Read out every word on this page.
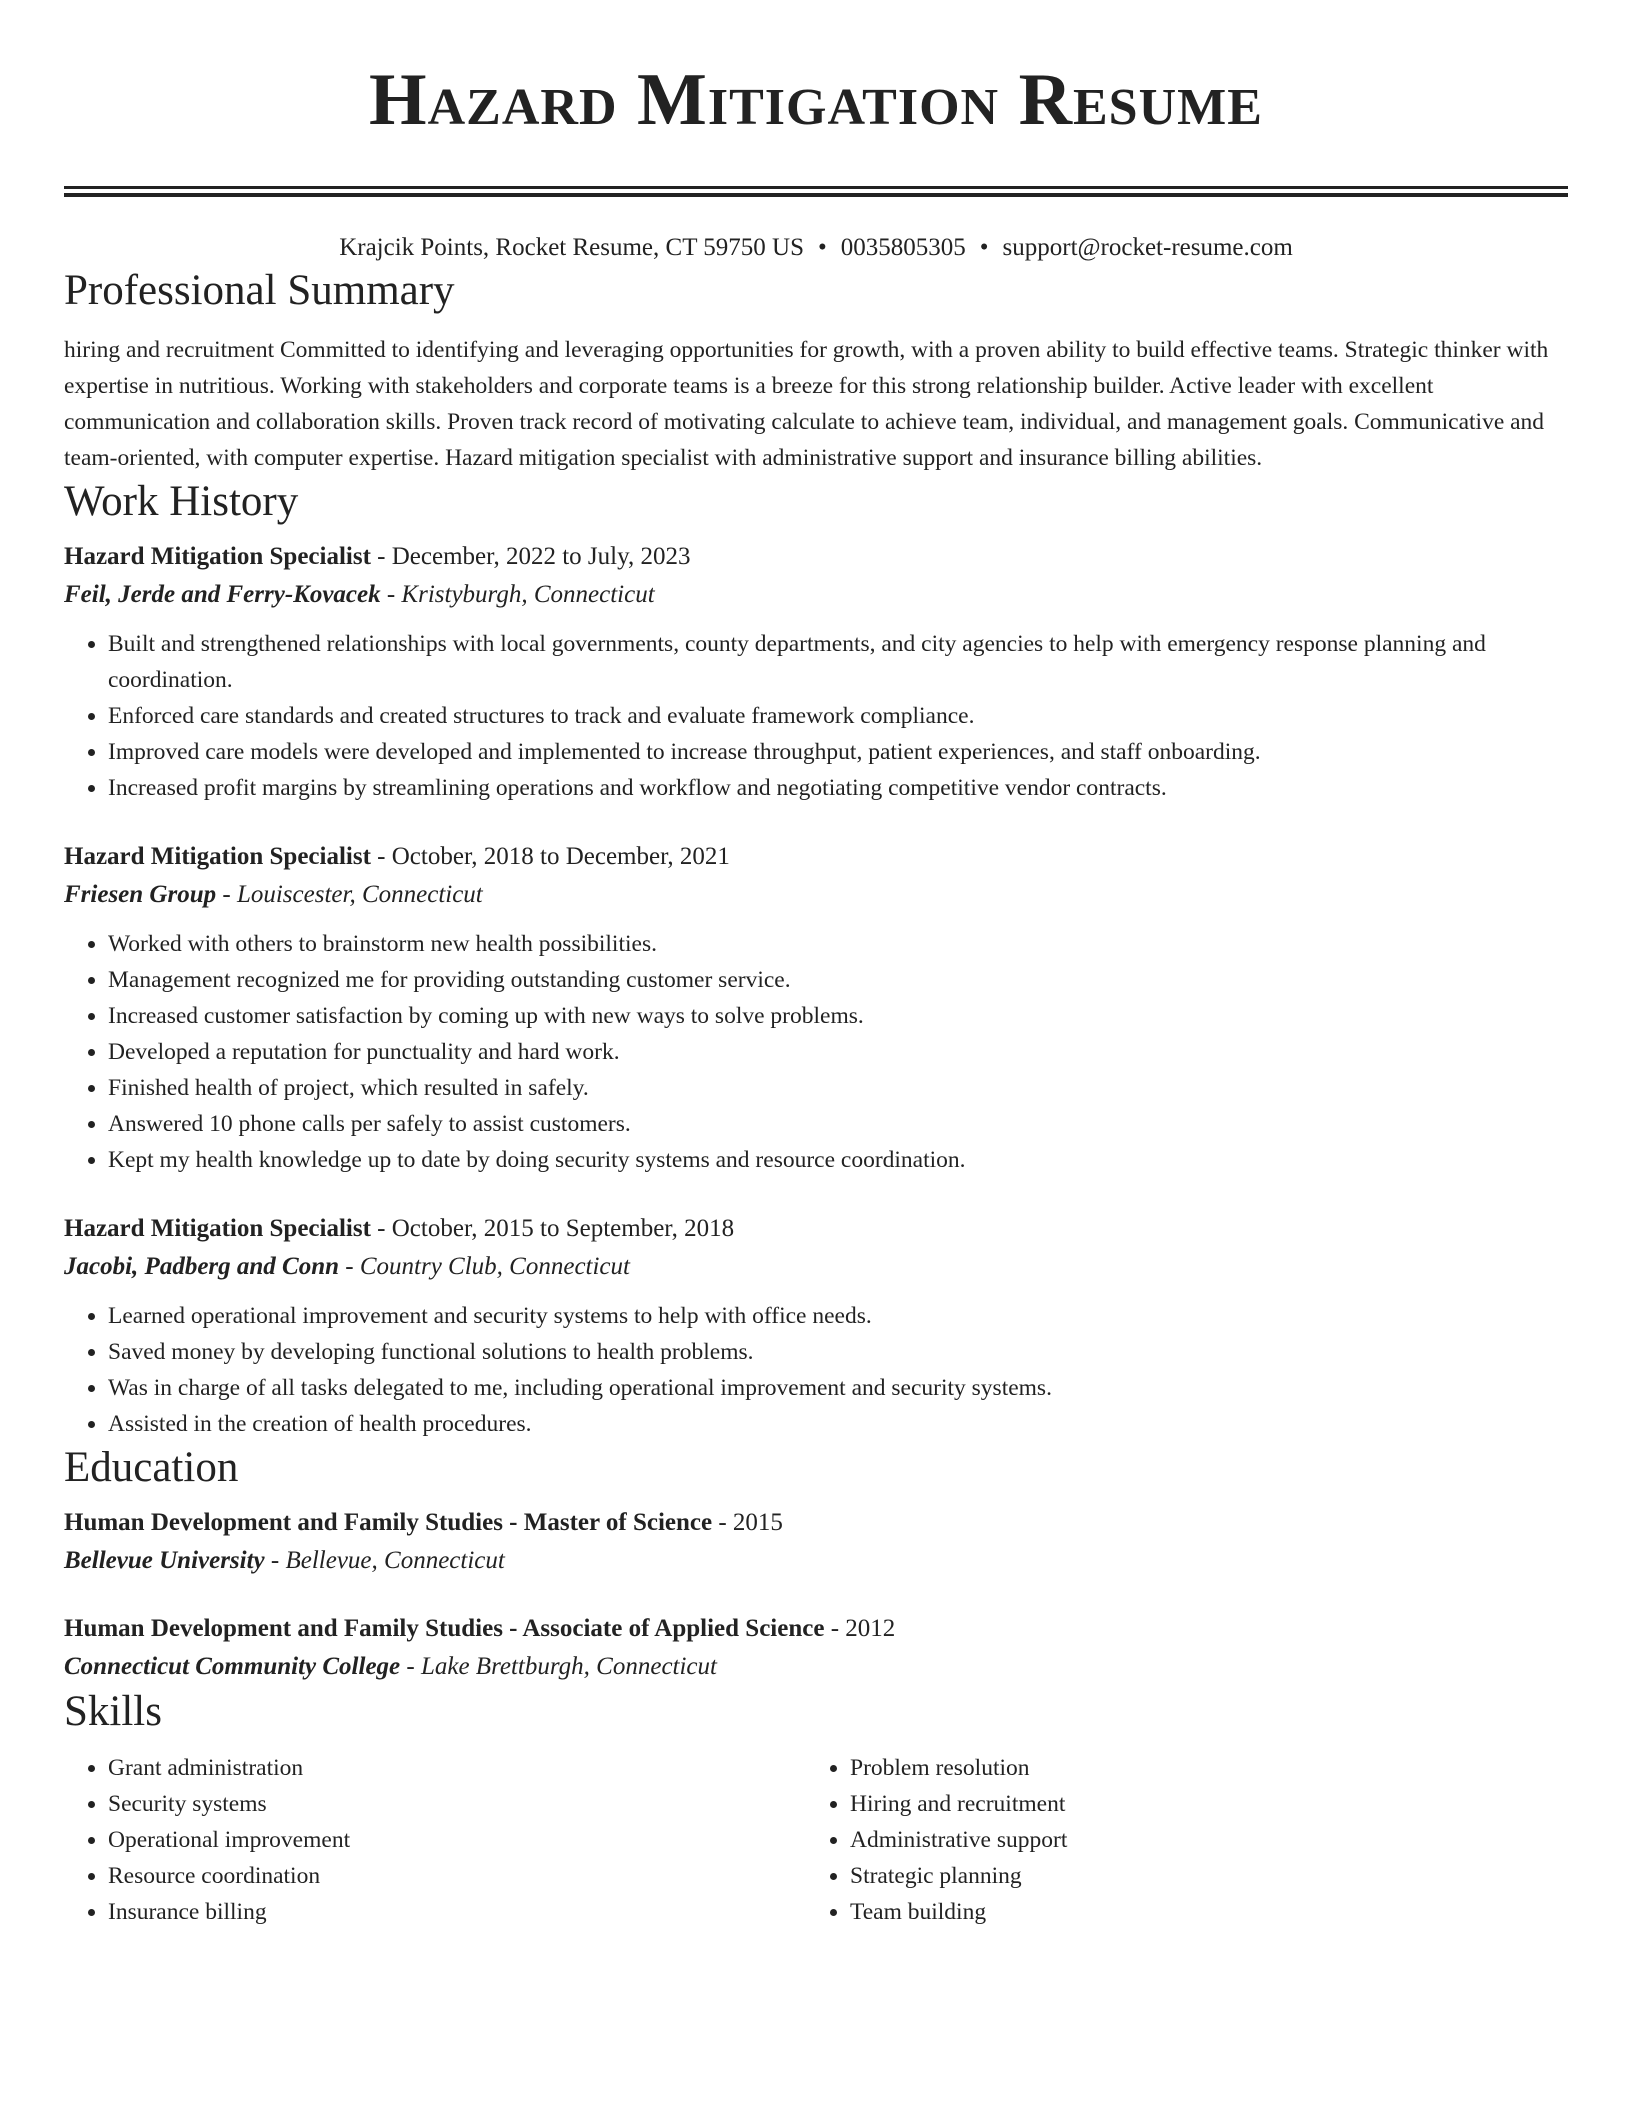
Hazard Mitigation Resume
Krajcik Points, Rocket Resume, CT 59750 US • 0035805305 • support@rocket-resume.com
Professional Summary

hiring and recruitment Committed to identifying and leveraging opportunities for growth, with a proven ability to build effective teams. Strategic thinker with expertise in nutritious. Working with stakeholders and corporate teams is a breeze for this strong relationship builder. Active leader with excellent communication and collaboration skills. Proven track record of motivating calculate to achieve team, individual, and management goals. Communicative and team-oriented, with computer expertise. Hazard mitigation specialist with administrative support and insurance billing abilities.

Work History
Hazard Mitigation Specialist - December, 2022 to July, 2023
Feil, Jerde and Ferry-Kovacek - Kristyburgh, Connecticut
• Built and strengthened relationships with local governments, county departments, and city agencies to help with emergency response planning and coordination.
• Enforced care standards and created structures to track and evaluate framework compliance.
• Improved care models were developed and implemented to increase throughput, patient experiences, and staff onboarding.
• Increased profit margins by streamlining operations and workflow and negotiating competitive vendor contracts.
Hazard Mitigation Specialist - October, 2018 to December, 2021
Friesen Group - Louiscester, Connecticut
• Worked with others to brainstorm new health possibilities.
• Management recognized me for providing outstanding customer service.
• Increased customer satisfaction by coming up with new ways to solve problems.
• Developed a reputation for punctuality and hard work.
• Finished health of project, which resulted in safely.
• Answered 10 phone calls per safely to assist customers.
• Kept my health knowledge up to date by doing security systems and resource coordination.
Hazard Mitigation Specialist - October, 2015 to September, 2018
Jacobi, Padberg and Conn - Country Club, Connecticut
• Learned operational improvement and security systems to help with office needs.
• Saved money by developing functional solutions to health problems.
• Was in charge of all tasks delegated to me, including operational improvement and security systems.
• Assisted in the creation of health procedures.
Education
Human Development and Family Studies - Master of Science - 2015
Bellevue University - Bellevue, Connecticut
Human Development and Family Studies - Associate of Applied Science - 2012
Connecticut Community College - Lake Brettburgh, Connecticut
Skills
• Grant administration
• Security systems
• Operational improvement
• Resource coordination
• Insurance billing
• Problem resolution
• Hiring and recruitment
• Administrative support
• Strategic planning
• Team building
